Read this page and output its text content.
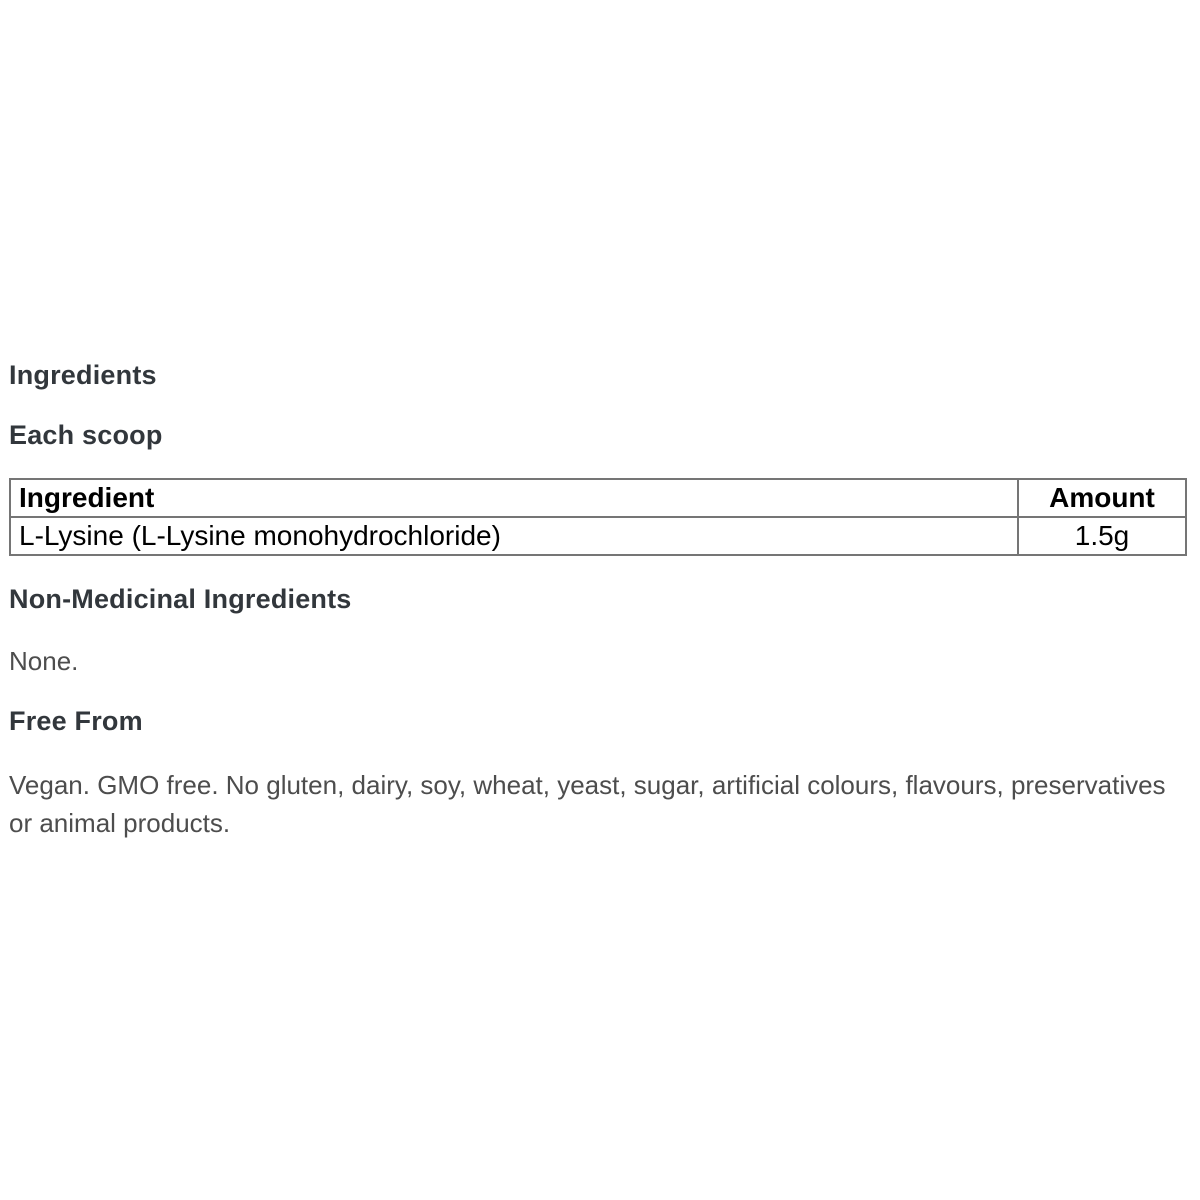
Ingredients

Each scoop

Ingredient	Amount
L-Lysine (L-Lysine monohydrochloride)	1.5g

Non-Medicinal Ingredients

None.

Free From

Vegan. GMO free. No gluten, dairy, soy, wheat, yeast, sugar, artificial colours, flavours, preservatives or animal products.
